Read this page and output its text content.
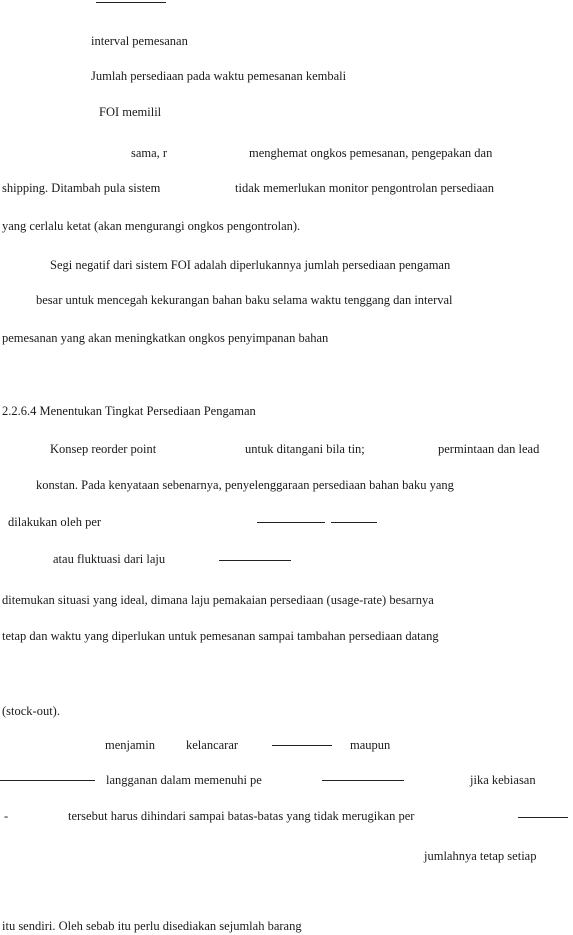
interval pemesanan
Jumlah persediaan pada waktu pemesanan kembali
FOI memilil
sama, r	menghemat ongkos pemesanan, pengepakan dan
shipping. Ditambah pula sistem	tidak memerlukan monitor pengontrolan persediaan
yang cerlalu ketat (akan mengurangi ongkos pengontrolan).
Segi negatif dari sistem FOI adalah diperlukannya jumlah persediaan pengaman
besar untuk mencegah kekurangan bahan baku selama waktu tenggang dan interval
pemesanan yang akan meningkatkan ongkos penyimpanan bahan
2.2.6.4 Menentukan Tingkat Persediaan Pengaman
Konsep reorder point	untuk ditangani bila tin;	permintaan dan lead
konstan. Pada kenyataan sebenarnya, penyelenggaraan persediaan bahan baku yang
dilakukan oleh per
atau fluktuasi dari laju
ditemukan situasi yang ideal, dimana laju pemakaian persediaan (usage-rate) besarnya
tetap dan waktu yang diperlukan untuk pemesanan sampai tambahan persediaan datang
(stock-out).
menjamin kelancarar	maupun
langganan dalam memenuhi pe	jika kebiasan
-	tersebut harus dihindari sampai batas-batas yang tidak merugikan per
jumlahnya tetap setiap
itu sendiri. Oleh sebab itu perlu disediakan sejumlah barang
